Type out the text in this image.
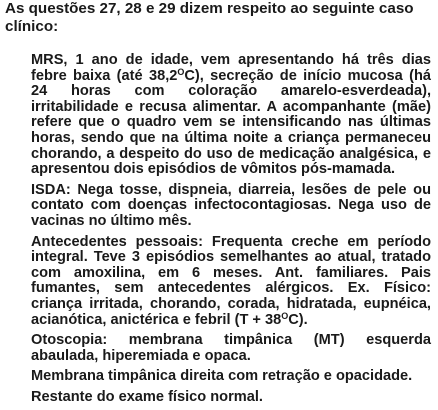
As questões 27, 28 e 29 dizem respeito ao seguinte caso
clínico:

MRS, 1 ano de idade, vem apresentando há três dias febre baixa (até $38,2^OC$), secreção de início mucosa (há 24 horas com coloração amarelo-esverdeada), irritabilidade e recusa alimentar. A acompanhante (mãe) refere que o quadro vem se intensificando nas últimas horas, sendo que na última noite a criança permaneceu chorando, a despeito do uso de medicação analgésica, e apresentou dois episódios de vômitos pós-mamada.

ISDA: Nega tosse, dispneia, diarreia, lesões de pele ou contato com doenças infectocontagiosas. Nega uso de vacinas no último mês.

Antecedentes pessoais: Frequenta creche em período integral. Teve 3 episódios semelhantes ao atual, tratado com amoxilina, em 6 meses. Ant. familiares. Pais fumantes, sem antecedentes alérgicos. Ex. Físico: criança irritada, chorando, corada, hidratada, eupnéica, acianótica, anictérica e febril $(T + 38^OC)$.

Otoscopia: membrana timpânica (MT) esquerda abaulada, hiperemiada e opaca.

Membrana timpânica direita com retração e opacidade.

Restante do exame físico normal.
